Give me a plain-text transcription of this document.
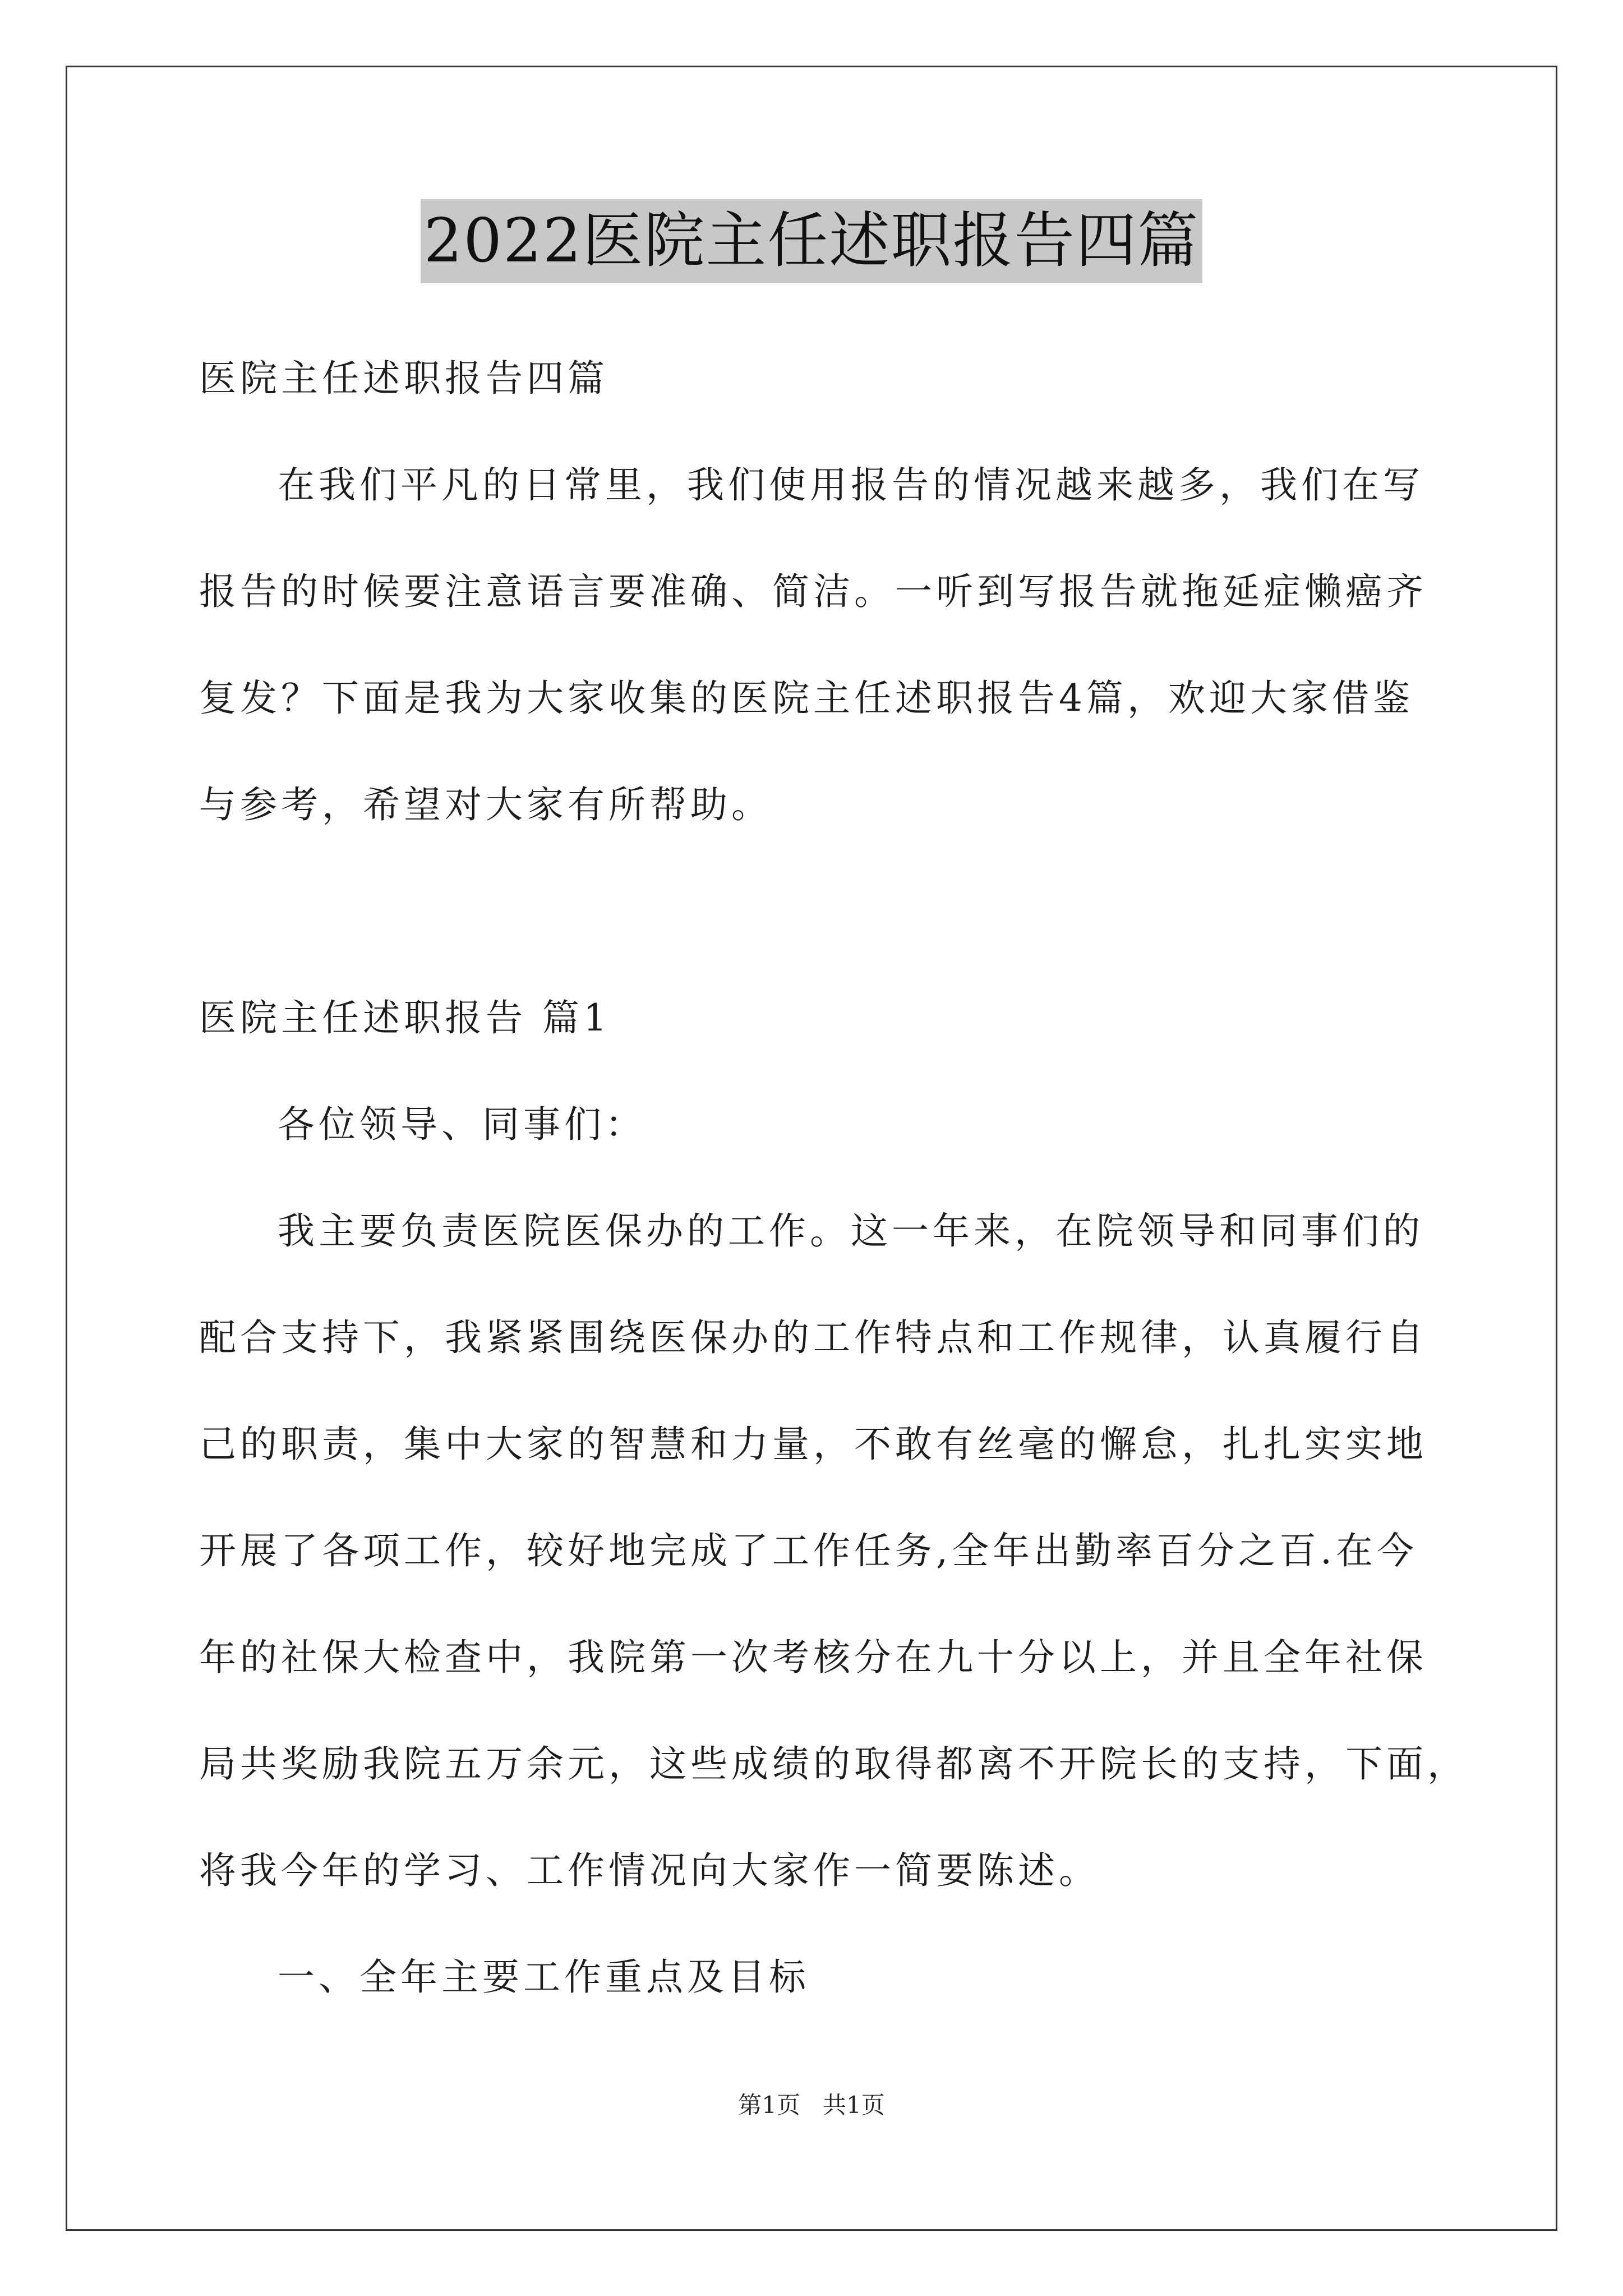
2022医院主任述职报告四篇
医院主任述职报告四篇
在我们平凡的日常里，我们使用报告的情况越来越多，我们在写
报告的时候要注意语言要准确、简洁。一听到写报告就拖延症懒癌齐
复发？下面是我为大家收集的医院主任述职报告4篇，欢迎大家借鉴
与参考，希望对大家有所帮助。
医院主任述职报告 篇1
各位领导、同事们：
我主要负责医院医保办的工作。这一年来，在院领导和同事们的
配合支持下，我紧紧围绕医保办的工作特点和工作规律，认真履行自
己的职责，集中大家的智慧和力量，不敢有丝毫的懈怠，扎扎实实地
开展了各项工作，较好地完成了工作任务,全年出勤率百分之百.在今
年的社保大检查中，我院第一次考核分在九十分以上，并且全年社保
局共奖励我院五万余元，这些成绩的取得都离不开院长的支持，下面，
将我今年的学习、工作情况向大家作一简要陈述。
一、全年主要工作重点及目标
第1页   共1页
